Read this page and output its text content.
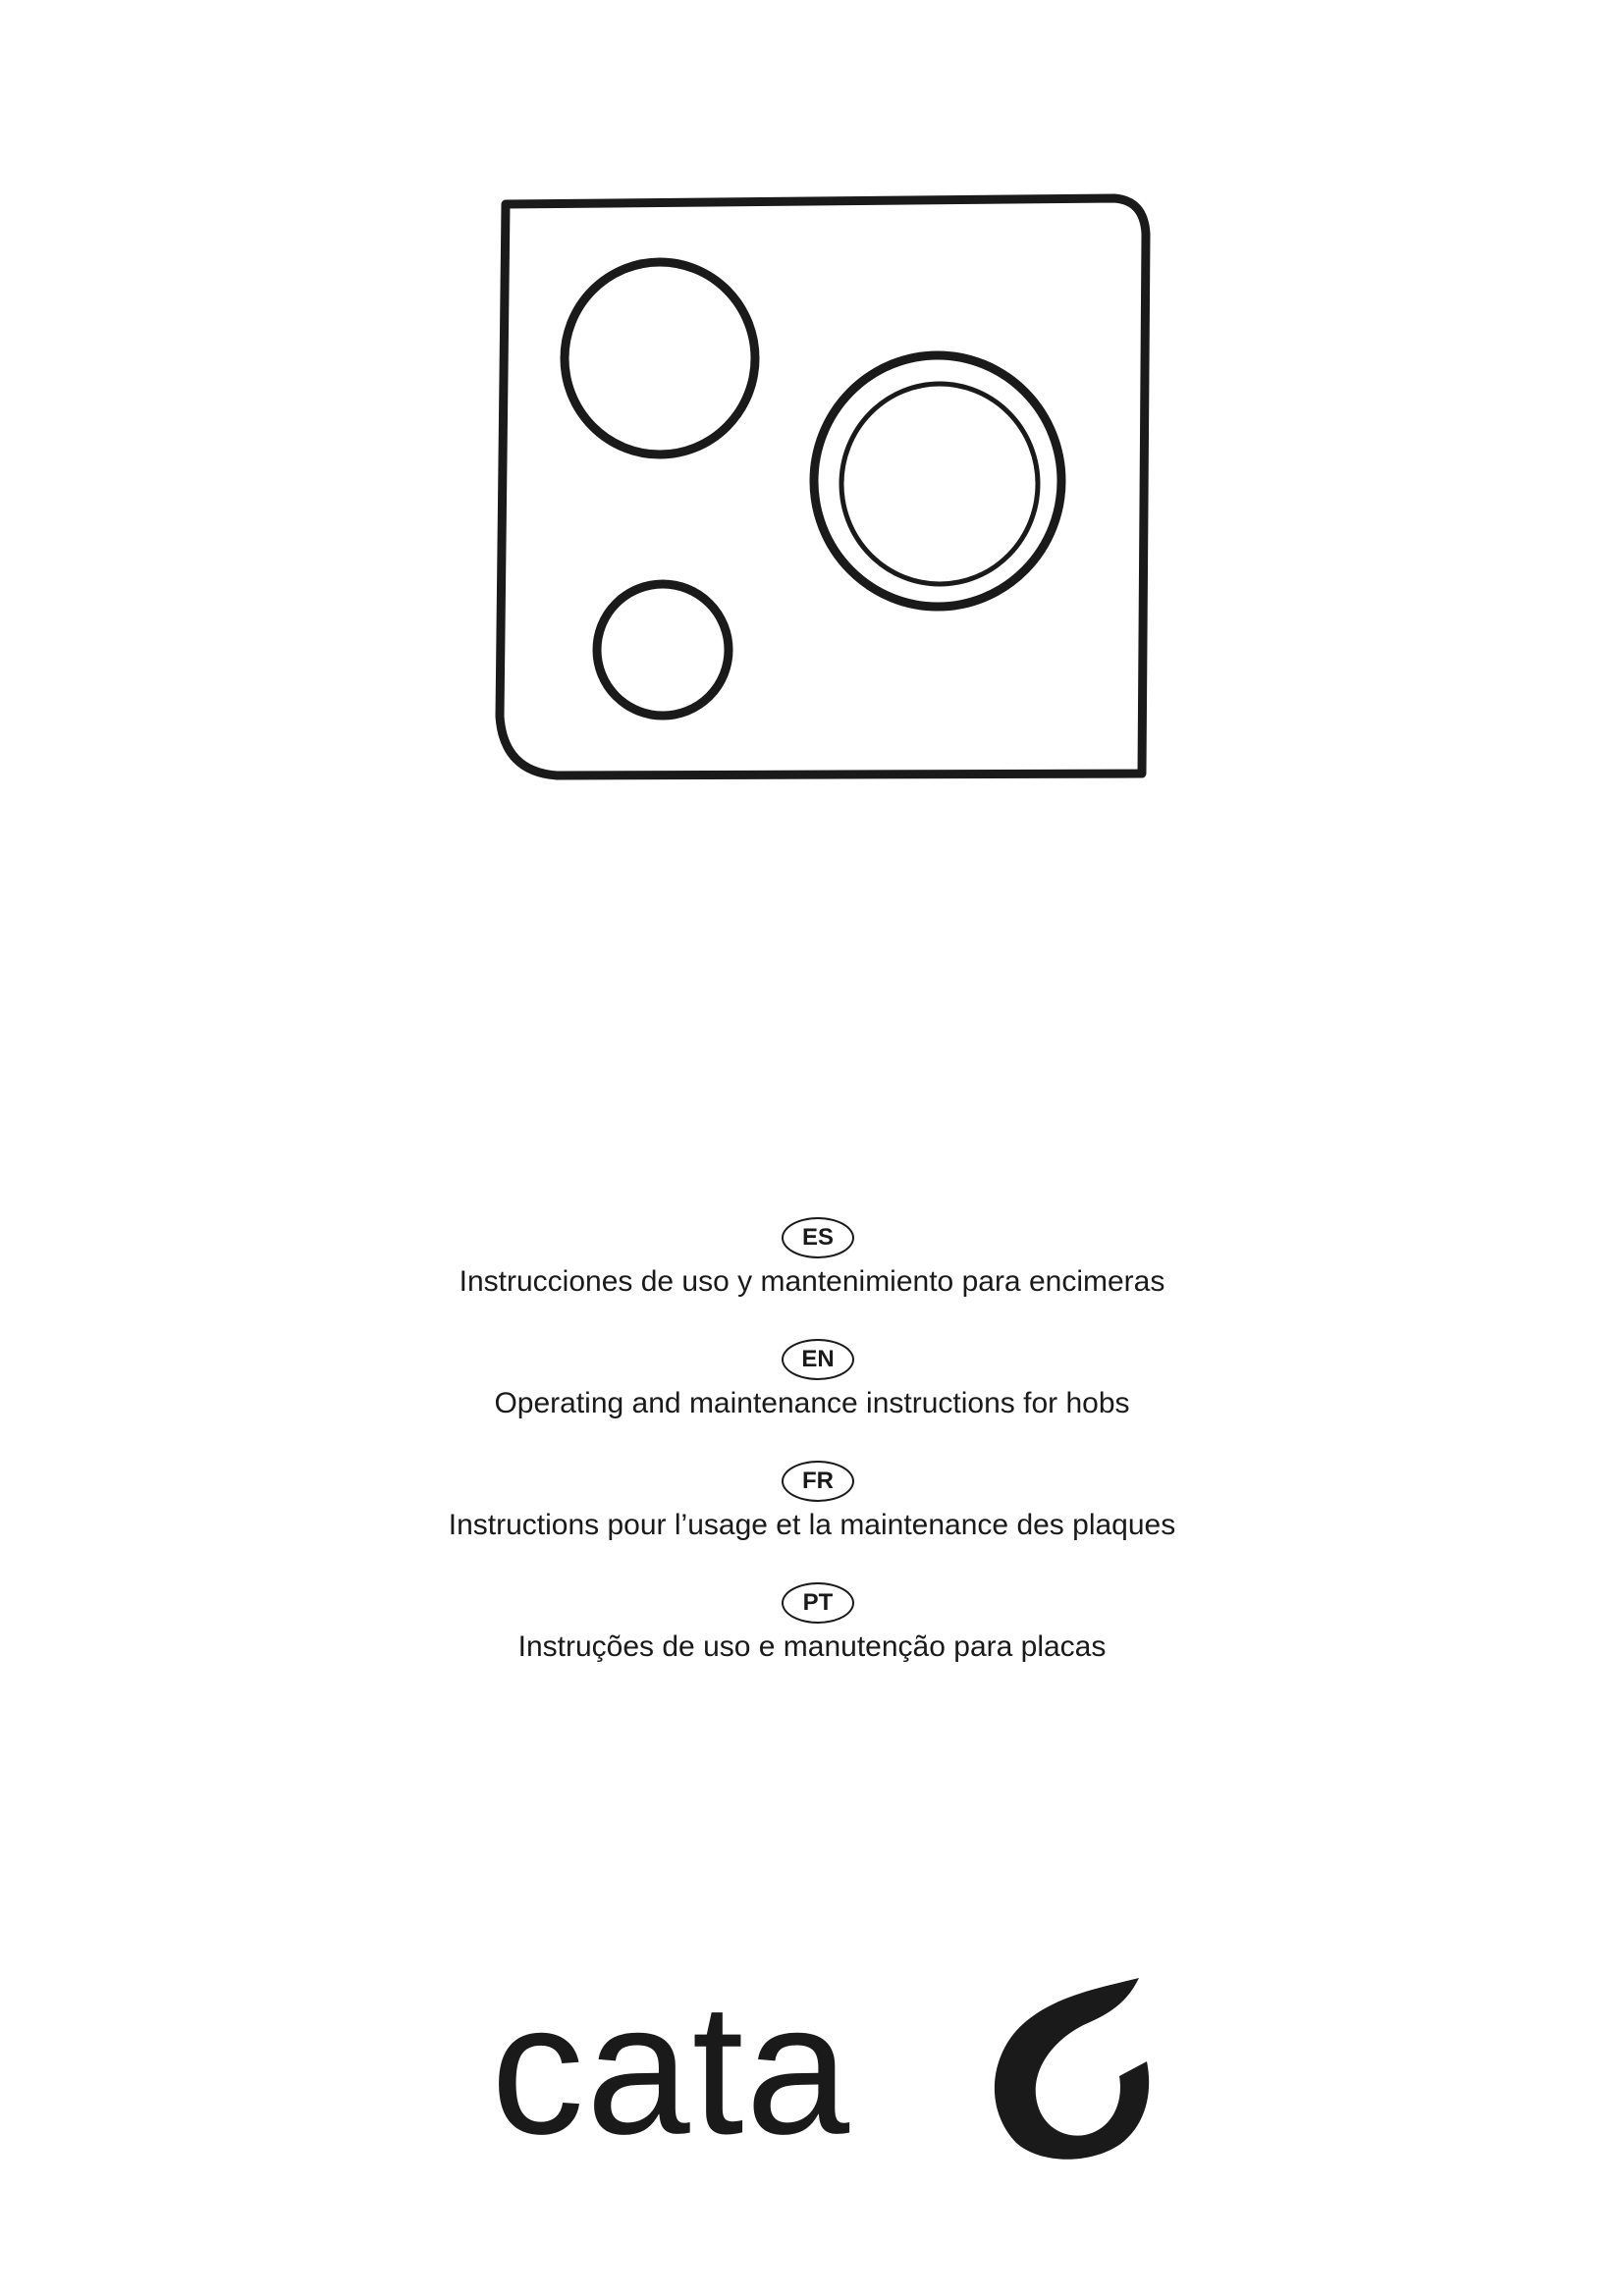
ES
Instrucciones de uso y mantenimiento para encimeras
EN
Operating and maintenance instructions for hobs
FR
Instructions pour l’usage et la maintenance des plaques
PT
Instruções de uso e manutenção para placas
cata
